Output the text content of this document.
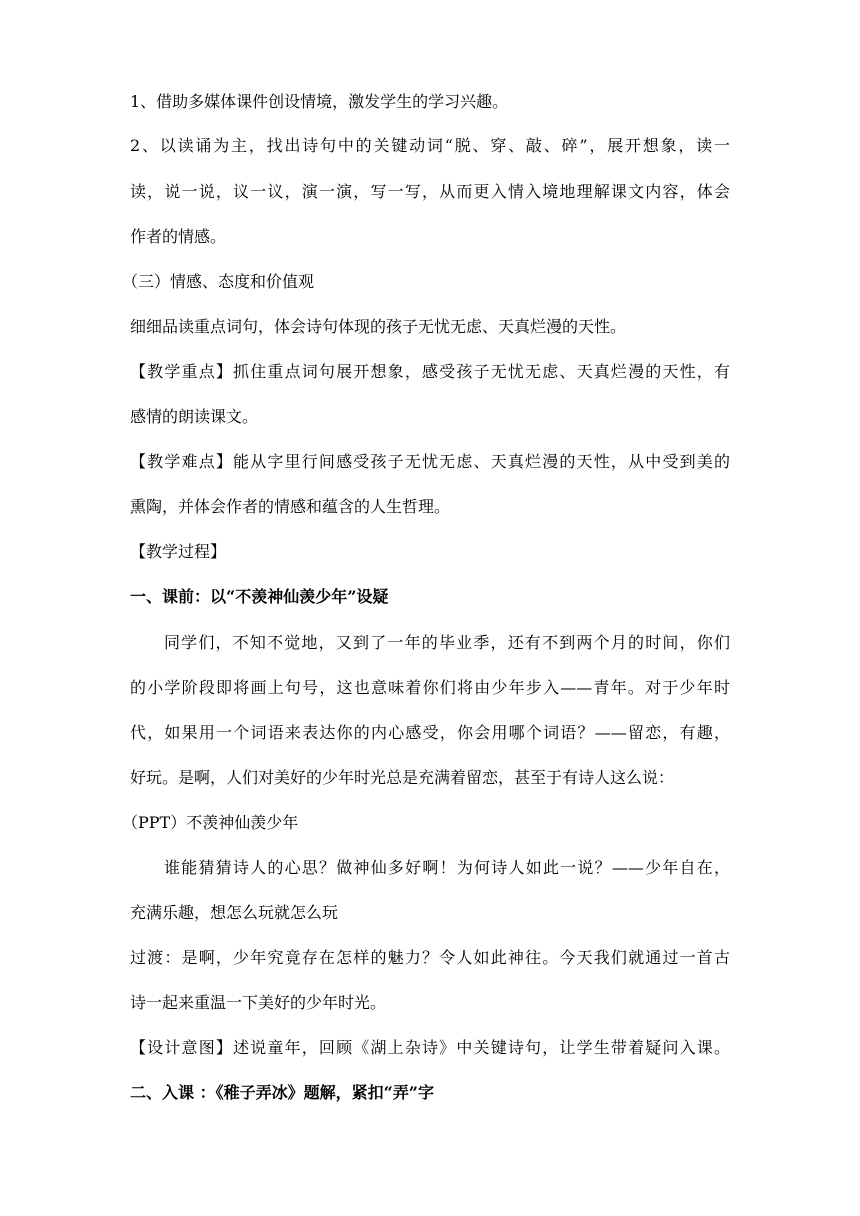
1、借助多媒体课件创设情境，激发学生的学习兴趣。
2、以读诵为主，找出诗句中的关键动词“脱、穿、敲、碎”，展开想象，读一
读，说一说，议一议，演一演，写一写，从而更入情入境地理解课文内容，体会
作者的情感。
（三）情感、态度和价值观
细细品读重点词句，体会诗句体现的孩子无忧无虑、天真烂漫的天性。
【教学重点】抓住重点词句展开想象，感受孩子无忧无虑、天真烂漫的天性，有
感情的朗读课文。
【教学难点】能从字里行间感受孩子无忧无虑、天真烂漫的天性，从中受到美的
熏陶，并体会作者的情感和蕴含的人生哲理。
【教学过程】
一、课前：以“不羡神仙羡少年”设疑
同学们，不知不觉地，又到了一年的毕业季，还有不到两个月的时间，你们
的小学阶段即将画上句号，这也意味着你们将由少年步入——青年。对于少年时
代，如果用一个词语来表达你的内心感受，你会用哪个词语？——留恋，有趣，
好玩。是啊，人们对美好的少年时光总是充满着留恋，甚至于有诗人这么说：
（PPT）不羡神仙羡少年
谁能猜猜诗人的心思？做神仙多好啊！为何诗人如此一说？——少年自在，
充满乐趣，想怎么玩就怎么玩
过渡：是啊，少年究竟存在怎样的魅力？令人如此神往。今天我们就通过一首古
诗一起来重温一下美好的少年时光。
【设计意图】述说童年，回顾《湖上杂诗》中关键诗句，让学生带着疑问入课。
二、入课 ：《稚子弄冰》题解，紧扣“弄”字
